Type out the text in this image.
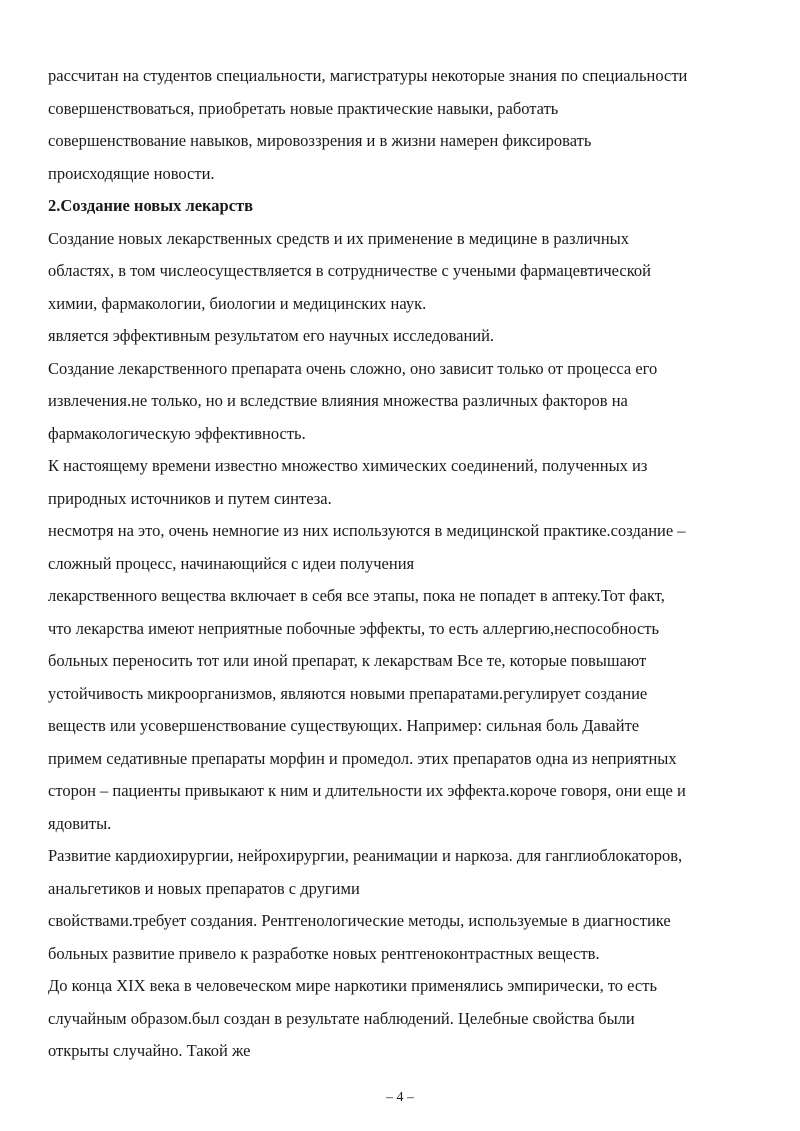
рассчитан на студентов специальности, магистратуры некоторые знания по специальности
совершенствоваться, приобретать новые практические навыки, работать
совершенствование навыков, мировоззрения и в жизни намерен фиксировать
происходящие новости.
2.Создание новых лекарств
Создание новых лекарственных средств и их применение в медицине в различных
областях, в том числеосуществляется в сотрудничестве с учеными фармацевтической
химии, фармакологии, биологии и медицинских наук.
является эффективным результатом его научных исследований.
Создание лекарственного препарата очень сложно, оно зависит только от процесса его
извлечения.не только, но и вследствие влияния множества различных факторов на
фармакологическую эффективность.
К настоящему времени известно множество химических соединений, полученных из
природных источников и путем синтеза.
несмотря на это, очень немногие из них используются в медицинской практике.создание –
сложный процесс, начинающийся с идеи получения
лекарственного вещества включает в себя все этапы, пока не попадет в аптеку.Тот факт,
что лекарства имеют неприятные побочные эффекты, то есть аллергию,неспособность
больных переносить тот или иной препарат, к лекарствам Все те, которые повышают
устойчивость микроорганизмов, являются новыми препаратами.регулирует создание
веществ или усовершенствование существующих. Например: сильная боль Давайте
примем седативные препараты морфин и промедол. этих препаратов одна из неприятных
сторон – пациенты привыкают к ним и длительности их эффекта.короче говоря, они еще и
ядовиты.
Развитие кардиохирургии, нейрохирургии, реанимации и наркоза. для ганглиоблокаторов,
анальгетиков и новых препаратов с другими
свойствами.требует создания. Рентгенологические методы, используемые в диагностике
больных развитие привело к разработке новых рентгеноконтрастных веществ.
До конца XIX века в человеческом мире наркотики применялись эмпирически, то есть
случайным образом.был создан в результате наблюдений. Целебные свойства были
открыты случайно. Такой же
– 4 –
